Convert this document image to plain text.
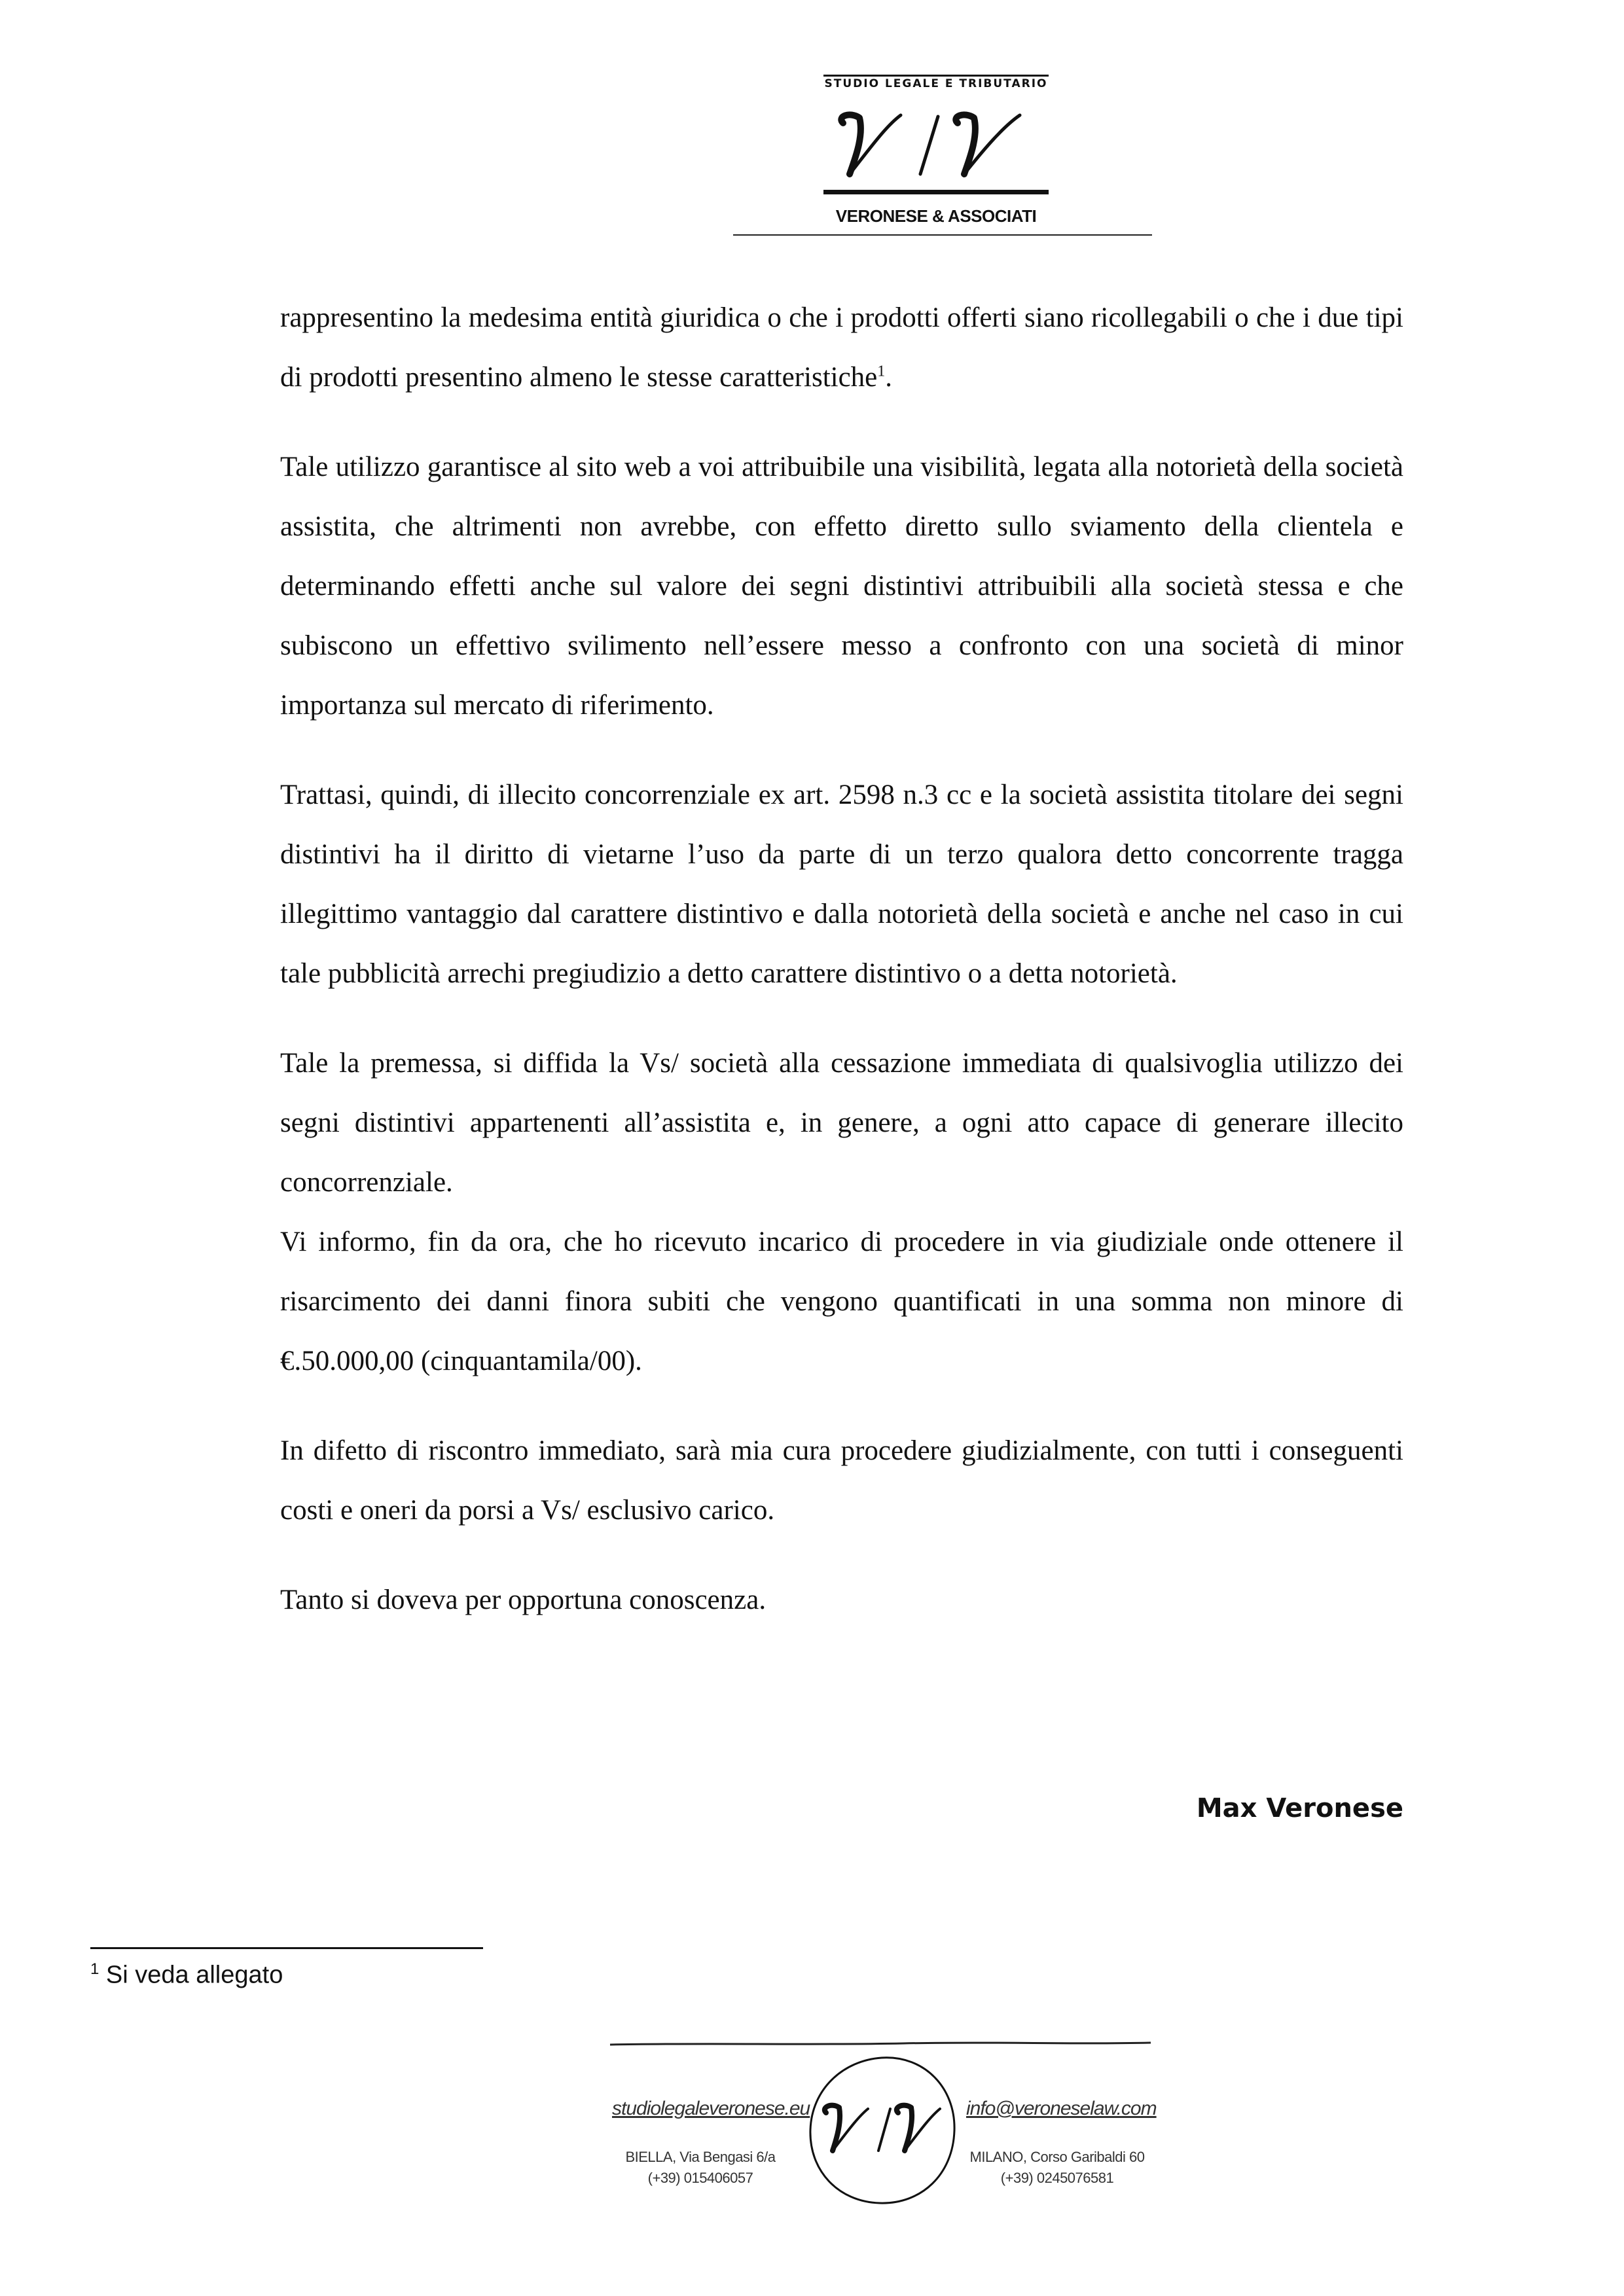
STUDIO LEGALE E TRIBUTARIO
VERONESE & ASSOCIATI

rappresentino la medesima entità giuridica o che i prodotti offerti siano ricollegabili o che i due tipi di prodotti presentino almeno le stesse caratteristiche$^1$.

Tale utilizzo garantisce al sito web a voi attribuibile una visibilità, legata alla notorietà della società assistita, che altrimenti non avrebbe, con effetto diretto sullo sviamento della clientela e determinando effetti anche sul valore dei segni distintivi attribuibili alla società stessa e che subiscono un effettivo svilimento nell’essere messo a confronto con una società di minor importanza sul mercato di riferimento.

Trattasi, quindi, di illecito concorrenziale ex art. 2598 n.3 cc e la società assistita titolare dei segni distintivi ha il diritto di vietarne l’uso da parte di un terzo qualora detto concorrente tragga illegittimo vantaggio dal carattere distintivo e dalla notorietà della società e anche nel caso in cui tale pubblicità arrechi pregiudizio a detto carattere distintivo o a detta notorietà.

Tale la premessa, si diffida la Vs/ società alla cessazione immediata di qualsivoglia utilizzo dei segni distintivi appartenenti all’assistita e, in genere, a ogni atto capace di generare illecito concorrenziale.

Vi informo, fin da ora, che ho ricevuto incarico di procedere in via giudiziale onde ottenere il risarcimento dei danni finora subiti che vengono quantificati in una somma non minore di €.50.000,00 (cinquantamila/00).

In difetto di riscontro immediato, sarà mia cura procedere giudizialmente, con tutti i conseguenti costi e oneri da porsi a Vs/ esclusivo carico.

Tanto si doveva per opportuna conoscenza.

Max Veronese
$^1$ Si veda allegato
studiolegaleveronese.eu	info@veroneselaw.com
BIELLA, Via Bengasi 6/a
(+39) 015406057
MILANO, Corso Garibaldi 60
(+39) 0245076581
